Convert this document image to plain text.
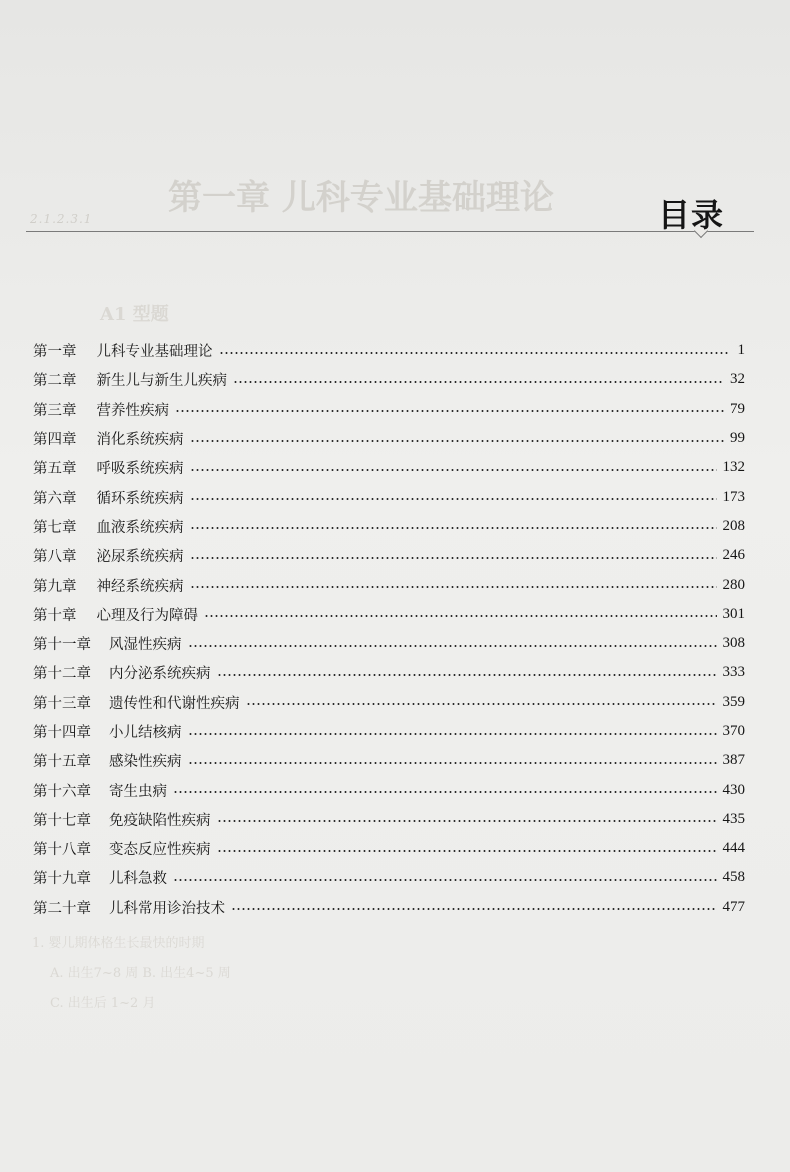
第一章 儿科专业基础理论
A1 型题
1. 婴儿期体格生长最快的时期
A. 出生7~8 周 B. 出生4~5 周
C. 出生后 1~2 月
2.1.2.3.1	目录
第一章 儿科专业基础理论	1
第二章 新生儿与新生儿疾病	32
第三章 营养性疾病	79
第四章 消化系统疾病	99
第五章 呼吸系统疾病	132
第六章 循环系统疾病	173
第七章 血液系统疾病	208
第八章 泌尿系统疾病	246
第九章 神经系统疾病	280
第十章 心理及行为障碍	301
第十一章 风湿性疾病	308
第十二章 内分泌系统疾病	333
第十三章 遗传性和代谢性疾病	359
第十四章 小儿结核病	370
第十五章 感染性疾病	387
第十六章 寄生虫病	430
第十七章 免疫缺陷性疾病	435
第十八章 变态反应性疾病	444
第十九章 儿科急救	458
第二十章 儿科常用诊治技术	477
